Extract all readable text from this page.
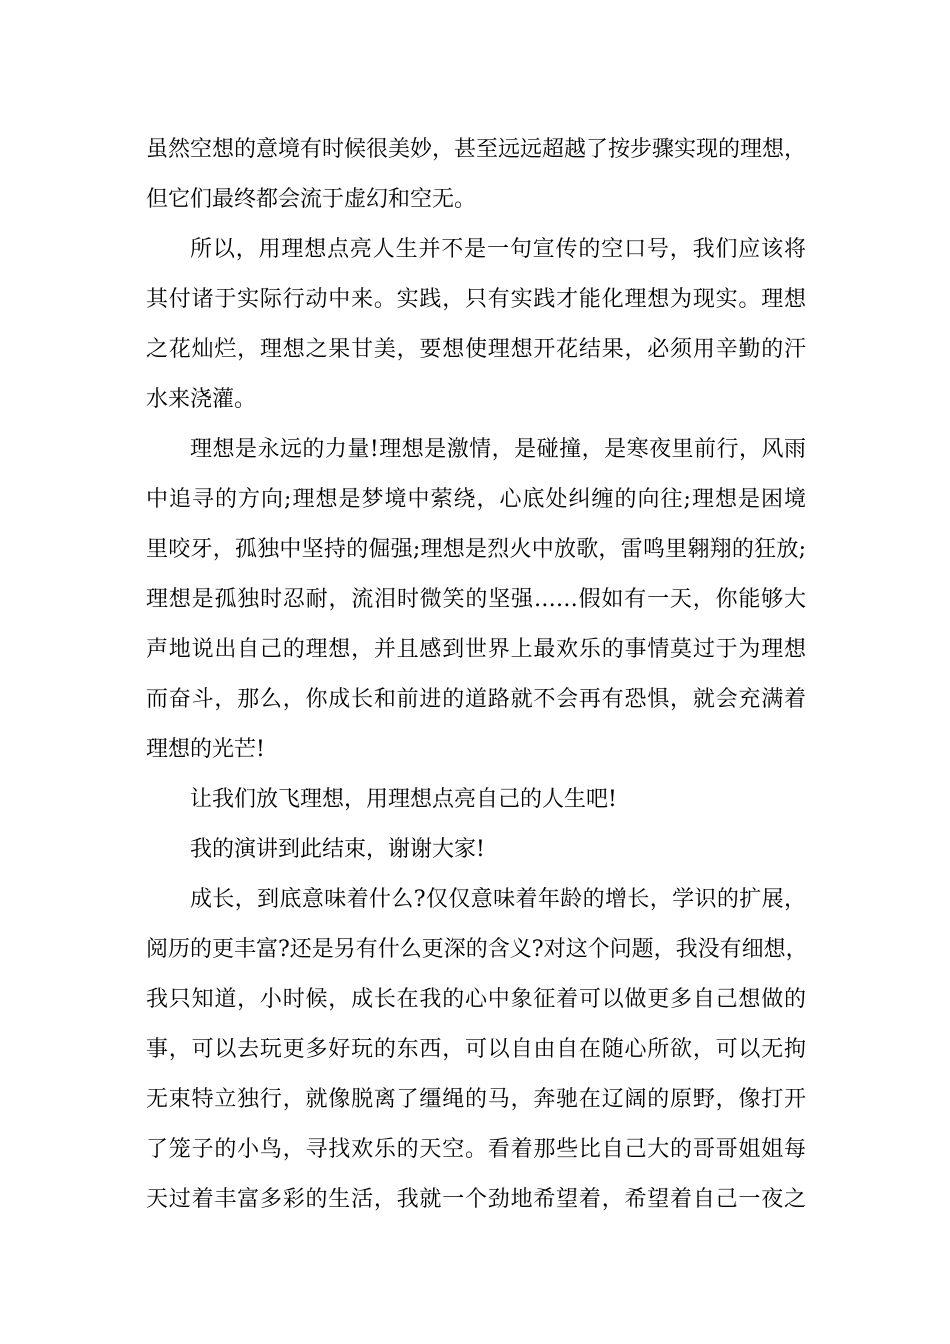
虽然空想的意境有时候很美妙，甚至远远超越了按步骤实现的理想，
但它们最终都会流于虚幻和空无。
所以，用理想点亮人生并不是一句宣传的空口号，我们应该将
其付诸于实际行动中来。实践，只有实践才能化理想为现实。理想
之花灿烂，理想之果甘美，要想使理想开花结果，必须用辛勤的汗
水来浇灌。
理想是永远的力量!理想是激情，是碰撞，是寒夜里前行，风雨
中追寻的方向;理想是梦境中萦绕，心底处纠缠的向往;理想是困境
里咬牙，孤独中坚持的倔强;理想是烈火中放歌，雷鸣里翱翔的狂放;
理想是孤独时忍耐，流泪时微笑的坚强……假如有一天，你能够大
声地说出自己的理想，并且感到世界上最欢乐的事情莫过于为理想
而奋斗，那么，你成长和前进的道路就不会再有恐惧，就会充满着
理想的光芒!
让我们放飞理想，用理想点亮自己的人生吧!
我的演讲到此结束，谢谢大家!
成长，到底意味着什么?仅仅意味着年龄的增长，学识的扩展，
阅历的更丰富?还是另有什么更深的含义?对这个问题，我没有细想，
我只知道，小时候，成长在我的心中象征着可以做更多自己想做的
事，可以去玩更多好玩的东西，可以自由自在随心所欲，可以无拘
无束特立独行，就像脱离了缰绳的马，奔驰在辽阔的原野，像打开
了笼子的小鸟，寻找欢乐的天空。看着那些比自己大的哥哥姐姐每
天过着丰富多彩的生活，我就一个劲地希望着，希望着自己一夜之
